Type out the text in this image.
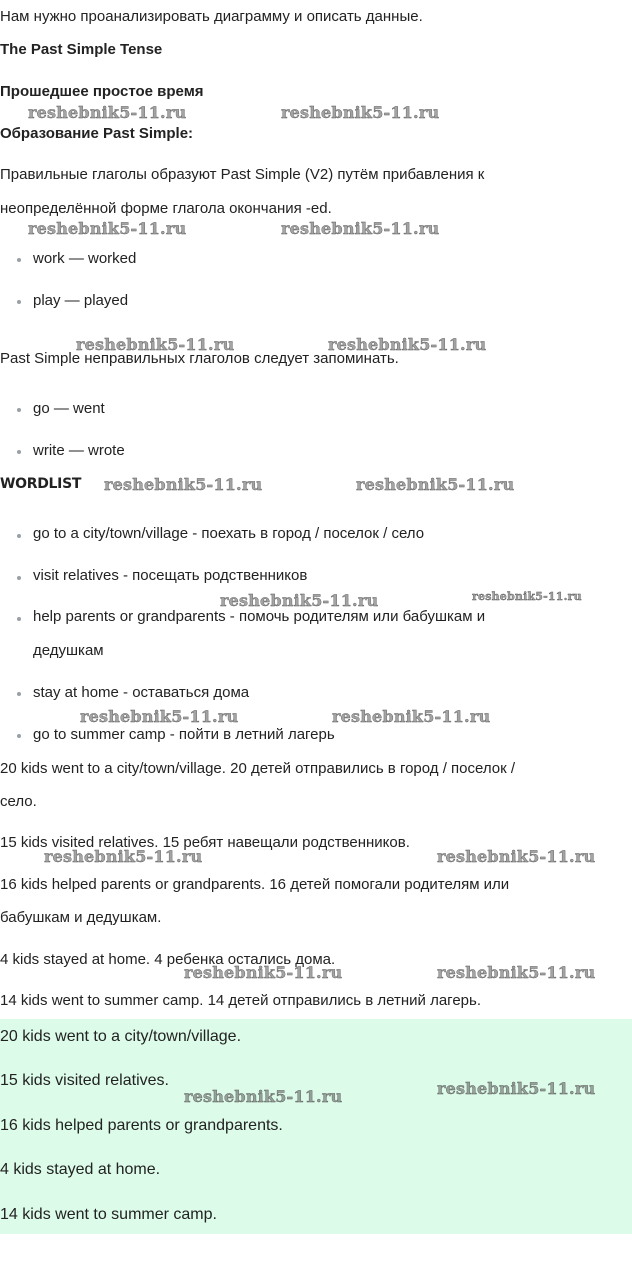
Нам нужно проанализировать диаграмму и описать данные.
The Past Simple Tense
Прошедшее простое время
Образование Past Simple:
Правильные глаголы образуют Past Simple (V2) путём прибавления к
неопределённой форме глагола окончания -ed.
work — worked
play — played
Past Simple неправильных глаголов следует запоминать.
go — went
write — wrote
WORDLIST
go to a city/town/village - поехать в город / поселок / село
visit relatives - посещать родственников
help parents or grandparents - помочь родителям или бабушкам и
дедушкам
stay at home - оставаться дома
go to summer camp - пойти в летний лагерь
20 kids went to a city/town/village. 20 детей отправились в город / поселок /
село.
15 kids visited relatives. 15 ребят навещали родственников.
16 kids helped parents or grandparents. 16 детей помогали родителям или
бабушкам и дедушкам.
4 kids stayed at home. 4 ребенка остались дома.
14 kids went to summer camp. 14 детей отправились в летний лагерь.
20 kids went to a city/town/village.
15 kids visited relatives.
16 kids helped parents or grandparents.
4 kids stayed at home.
14 kids went to summer camp.
reshebnik5-11.ru	reshebnik5-11.ru
reshebnik5-11.ru	reshebnik5-11.ru
reshebnik5-11.ru	reshebnik5-11.ru
reshebnik5-11.ru	reshebnik5-11.ru
reshebnik5-11.ru	reshebnik5-11.ru
reshebnik5-11.ru	reshebnik5-11.ru
reshebnik5-11.ru	reshebnik5-11.ru
reshebnik5-11.ru	reshebnik5-11.ru
reshebnik5-11.ru	reshebnik5-11.ru
